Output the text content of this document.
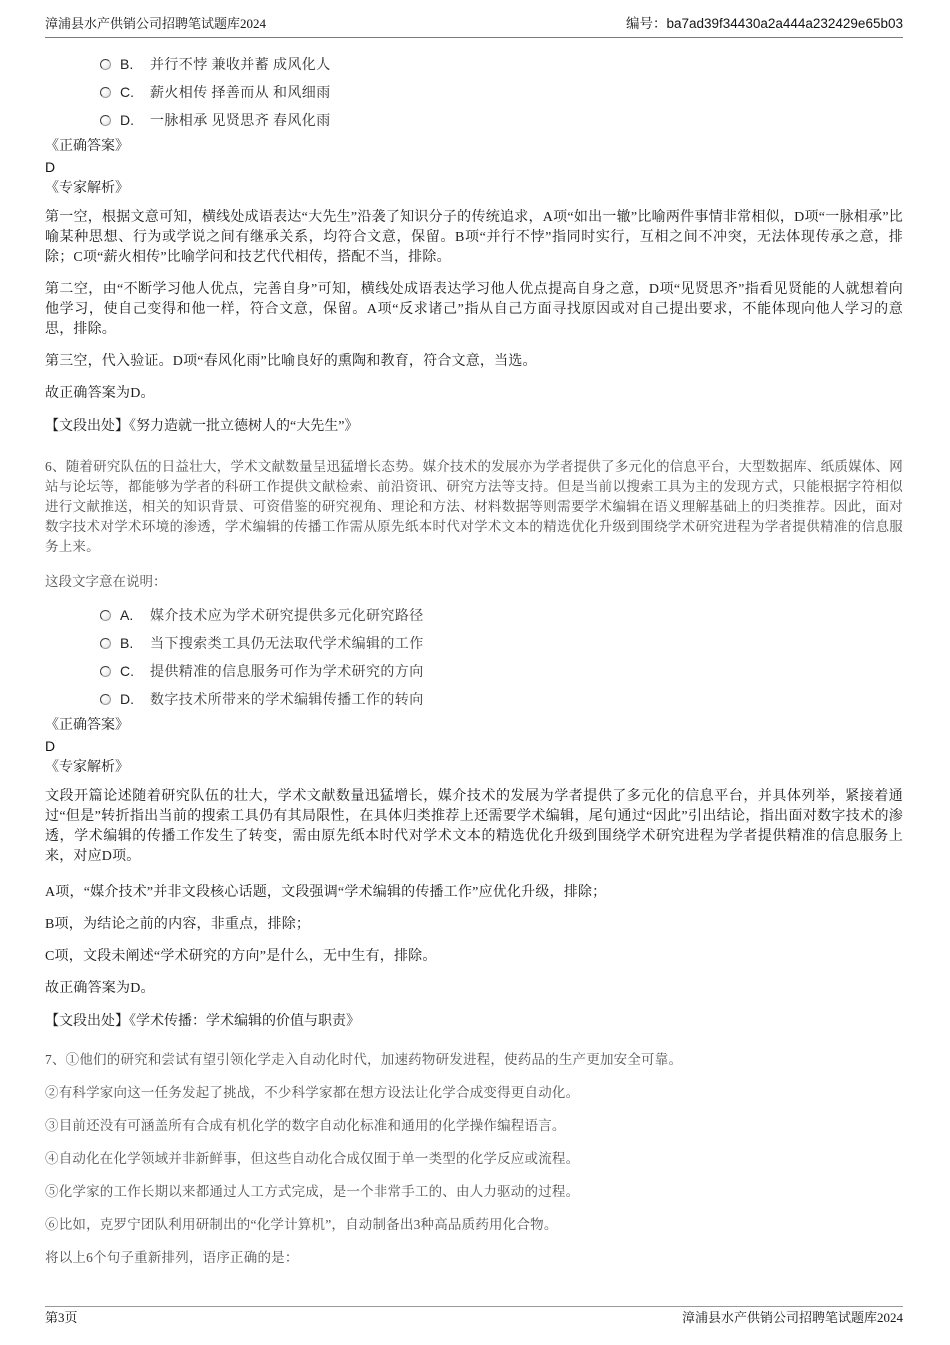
漳浦县水产供销公司招聘笔试题库2024	编号：ba7ad39f34430a2a444a232429e65b03
B.	并行不悖 兼收并蓄 成风化人
C.	薪火相传 择善而从 和风细雨
D.	一脉相承 见贤思齐 春风化雨
《正确答案》
D
《专家解析》
第一空，根据文意可知，横线处成语表达“大先生”沿袭了知识分子的传统追求，A项“如出一辙”比喻两件事情非常相似，D项“一脉相承”比喻某种思想、行为或学说之间有继承关系，均符合文意，保留。B项“并行不悖”指同时实行，互相之间不冲突，无法体现传承之意，排除；C项“薪火相传”比喻学问和技艺代代相传，搭配不当，排除。
第二空，由“不断学习他人优点，完善自身”可知，横线处成语表达学习他人优点提高自身之意，D项“见贤思齐”指看见贤能的人就想着向他学习，使自己变得和他一样，符合文意，保留。A项“反求诸己”指从自己方面寻找原因或对自己提出要求，不能体现向他人学习的意思，排除。
第三空，代入验证。D项“春风化雨”比喻良好的熏陶和教育，符合文意，当选。
故正确答案为D。
【文段出处】《努力造就一批立德树人的“大先生”》
6、随着研究队伍的日益壮大，学术文献数量呈迅猛增长态势。媒介技术的发展亦为学者提供了多元化的信息平台，大型数据库、纸质媒体、网站与论坛等，都能够为学者的科研工作提供文献检索、前沿资讯、研究方法等支持。但是当前以搜索工具为主的发现方式，只能根据字符相似进行文献推送，相关的知识背景、可资借鉴的研究视角、理论和方法、材料数据等则需要学术编辑在语义理解基础上的归类推荐。因此，面对数字技术对学术环境的渗透，学术编辑的传播工作需从原先纸本时代对学术文本的精选优化升级到围绕学术研究进程为学者提供精准的信息服务上来。
这段文字意在说明：
A.	媒介技术应为学术研究提供多元化研究路径
B.	当下搜索类工具仍无法取代学术编辑的工作
C.	提供精准的信息服务可作为学术研究的方向
D.	数字技术所带来的学术编辑传播工作的转向
《正确答案》
D
《专家解析》
文段开篇论述随着研究队伍的壮大，学术文献数量迅猛增长，媒介技术的发展为学者提供了多元化的信息平台，并具体列举，紧接着通过“但是”转折指出当前的搜索工具仍有其局限性，在具体归类推荐上还需要学术编辑，尾句通过“因此”引出结论，指出面对数字技术的渗透，学术编辑的传播工作发生了转变，需由原先纸本时代对学术文本的精选优化升级到围绕学术研究进程为学者提供精准的信息服务上来，对应D项。
A项，“媒介技术”并非文段核心话题，文段强调“学术编辑的传播工作”应优化升级，排除；
B项，为结论之前的内容，非重点，排除；
C项，文段未阐述“学术研究的方向”是什么，无中生有，排除。
故正确答案为D。
【文段出处】《学术传播：学术编辑的价值与职责》
7、①他们的研究和尝试有望引领化学走入自动化时代，加速药物研发进程，使药品的生产更加安全可靠。
②有科学家向这一任务发起了挑战，不少科学家都在想方设法让化学合成变得更自动化。
③目前还没有可涵盖所有合成有机化学的数字自动化标准和通用的化学操作编程语言。
④自动化在化学领域并非新鲜事，但这些自动化合成仅囿于单一类型的化学反应或流程。
⑤化学家的工作长期以来都通过人工方式完成，是一个非常手工的、由人力驱动的过程。
⑥比如，克罗宁团队利用研制出的“化学计算机”，自动制备出3种高品质药用化合物。
将以上6个句子重新排列，语序正确的是：
第3页	漳浦县水产供销公司招聘笔试题库2024
